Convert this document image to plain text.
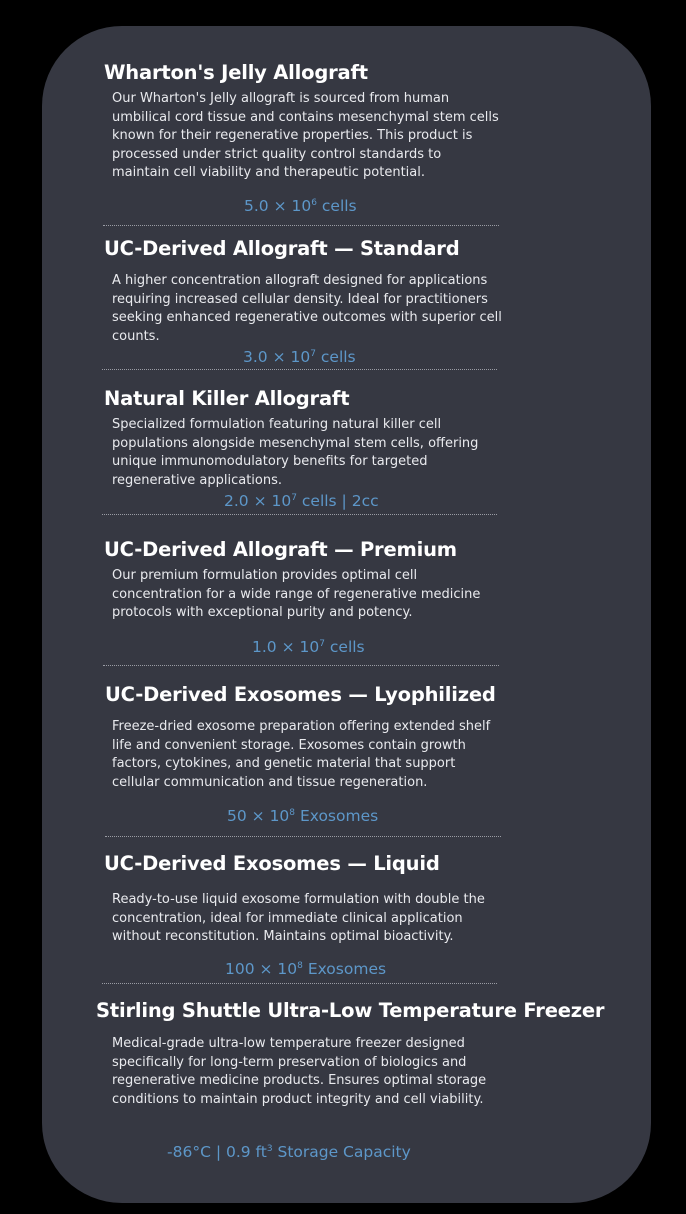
Wharton's Jelly Allograft

Our Wharton's Jelly allograft is sourced from human umbilical cord tissue and contains mesenchymal stem cells known for their regenerative properties. This product is processed under strict quality control standards to maintain cell viability and therapeutic potential.

$5.0 \times 10^6$ cells

UC-Derived Allograft — Standard

A higher concentration allograft designed for applications requiring increased cellular density. Ideal for practitioners seeking enhanced regenerative outcomes with superior cell counts.

$3.0 \times 10^7$ cells

Natural Killer Allograft

Specialized formulation featuring natural killer cell populations alongside mesenchymal stem cells, offering unique immunomodulatory benefits for targeted regenerative applications.

$2.0 \times 10^7$ cells | 2cc

UC-Derived Allograft — Premium

Our premium formulation provides optimal cell concentration for a wide range of regenerative medicine protocols with exceptional purity and potency.

$1.0 \times 10^7$ cells

UC-Derived Exosomes — Lyophilized

Freeze-dried exosome preparation offering extended shelf life and convenient storage. Exosomes contain growth factors, cytokines, and genetic material that support cellular communication and tissue regeneration.

$50 \times 10^8$ Exosomes

UC-Derived Exosomes — Liquid

Ready-to-use liquid exosome formulation with double the concentration, ideal for immediate clinical application without reconstitution. Maintains optimal bioactivity.

$100 \times 10^8$ Exosomes

Stirling Shuttle Ultra-Low Temperature Freezer

Medical-grade ultra-low temperature freezer designed specifically for long-term preservation of biologics and regenerative medicine products. Ensures optimal storage conditions to maintain product integrity and cell viability.

-86°C | 0.9 $ft^3$ Storage Capacity
